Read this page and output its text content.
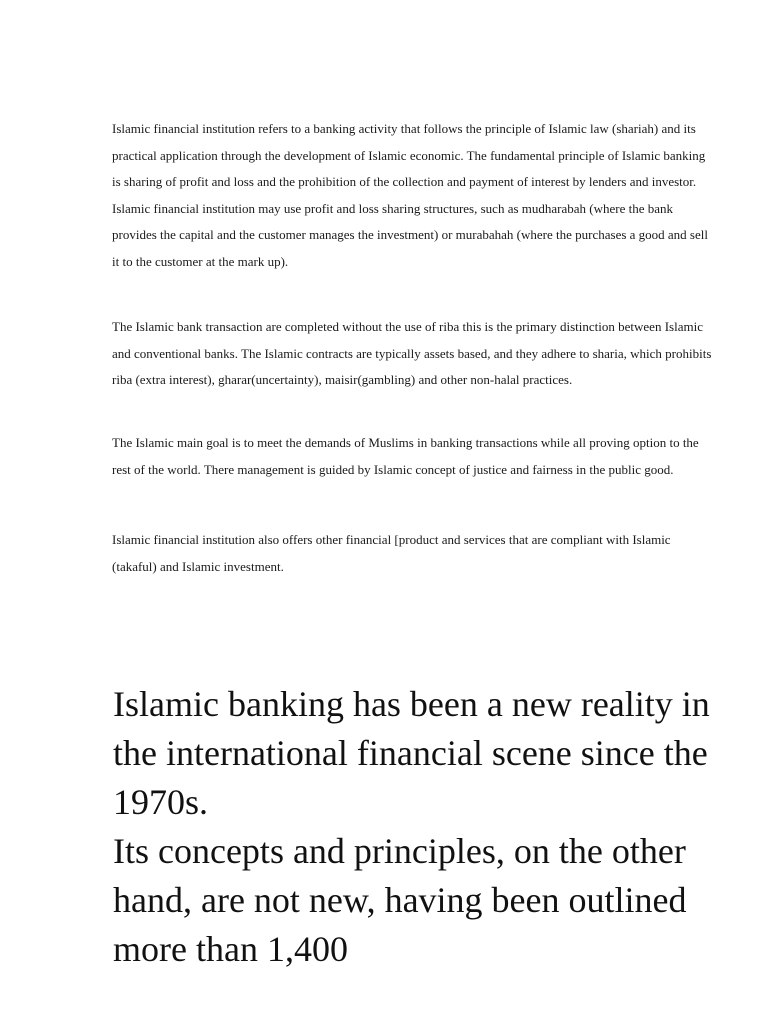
Islamic financial institution refers to a banking activity that follows the principle of Islamic law (shariah) and its practical application through the development of Islamic economic. The fundamental principle of Islamic banking is sharing of profit and loss and the prohibition of the collection and payment of interest by lenders and investor. Islamic financial institution may use profit and loss sharing structures, such as mudharabah (where the bank provides the capital and the customer manages the investment) or murabahah (where the purchases a good and sell it to the customer at the mark up).

The Islamic bank transaction are completed without the use of riba this is the primary distinction between Islamic and conventional banks. The Islamic contracts are typically assets based, and they adhere to sharia, which prohibits riba (extra interest), gharar(uncertainty), maisir(gambling) and other non-halal practices.

The Islamic main goal is to meet the demands of Muslims in banking transactions while all proving option to the rest of the world. There management is guided by Islamic concept of justice and fairness in the public good.

Islamic financial institution also offers other financial [product and services that are compliant with Islamic (takaful) and Islamic investment.

Islamic banking has been a new reality in the international financial scene since the 1970s.
Its concepts and principles, on the other hand, are not new, having been outlined more than 1,400
